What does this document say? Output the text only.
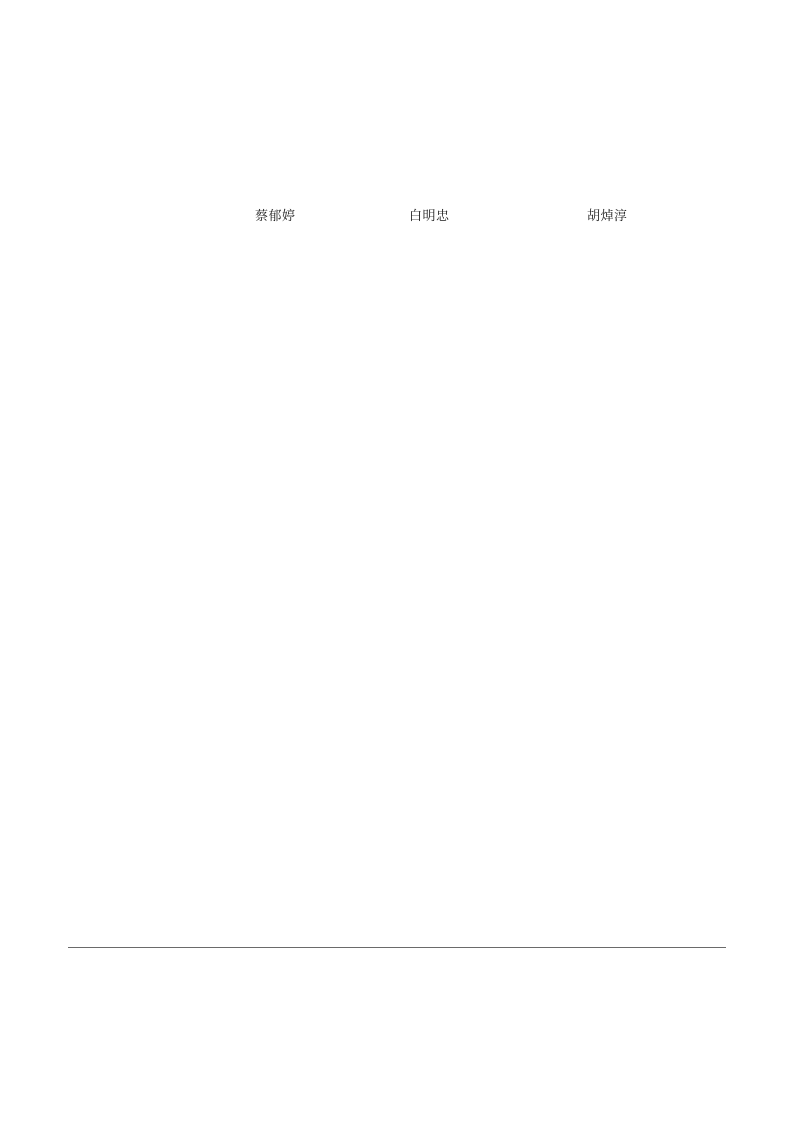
蔡郁婷	白明忠	胡焯淳
